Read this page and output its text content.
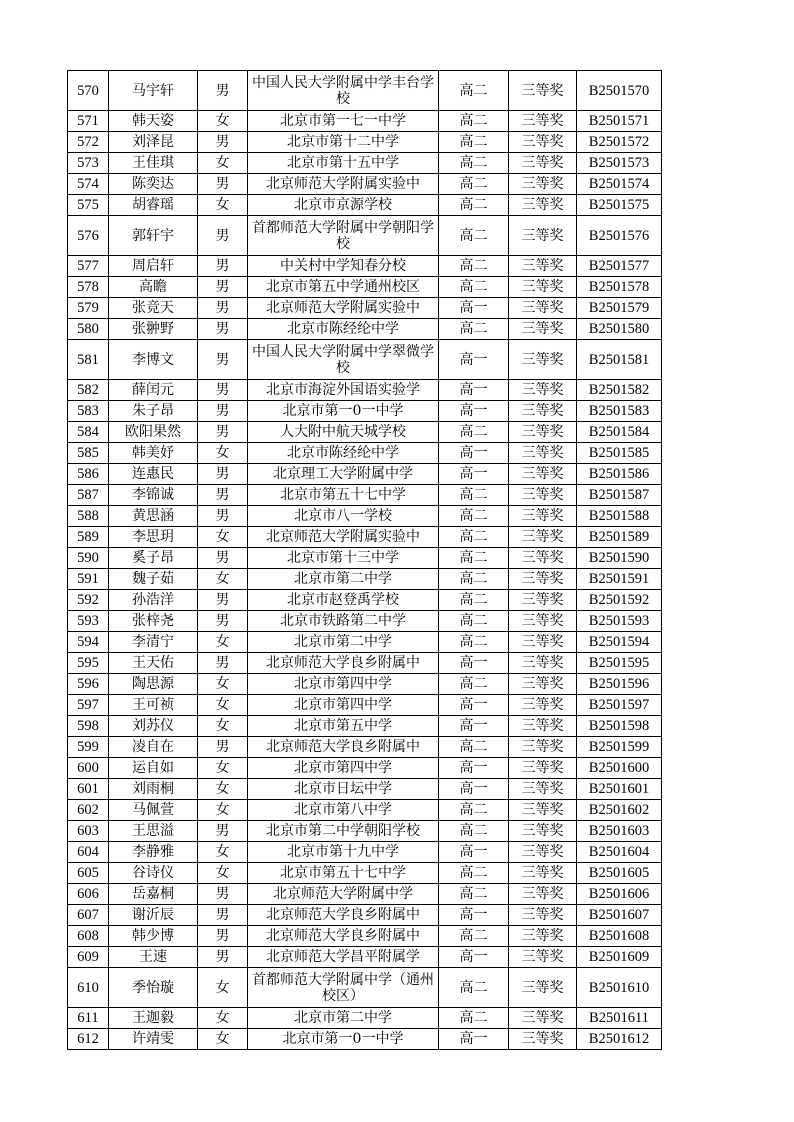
570	马宇轩	男	中国人民大学附属中学丰台学校	高二	三等奖	B2501570
571	韩天姿	女	北京市第一七一中学	高二	三等奖	B2501571
572	刘泽昆	男	北京市第十二中学	高二	三等奖	B2501572
573	王佳琪	女	北京市第十五中学	高二	三等奖	B2501573
574	陈奕达	男	北京师范大学附属实验中	高二	三等奖	B2501574
575	胡睿瑶	女	北京市京源学校	高二	三等奖	B2501575
576	郭轩宇	男	首都师范大学附属中学朝阳学校	高二	三等奖	B2501576
577	周启轩	男	中关村中学知春分校	高二	三等奖	B2501577
578	高瞻	男	北京市第五中学通州校区	高二	三等奖	B2501578
579	张竞天	男	北京师范大学附属实验中	高一	三等奖	B2501579
580	张翀野	男	北京市陈经纶中学	高二	三等奖	B2501580
581	李博文	男	中国人民大学附属中学翠微学校	高一	三等奖	B2501581
582	薛闰元	男	北京市海淀外国语实验学	高一	三等奖	B2501582
583	朱子昂	男	北京市第一0一中学	高一	三等奖	B2501583
584	欧阳果然	男	人大附中航天城学校	高二	三等奖	B2501584
585	韩美妤	女	北京市陈经纶中学	高一	三等奖	B2501585
586	连惠民	男	北京理工大学附属中学	高一	三等奖	B2501586
587	李锦诚	男	北京市第五十七中学	高二	三等奖	B2501587
588	黄思涵	男	北京市八一学校	高二	三等奖	B2501588
589	李思玥	女	北京师范大学附属实验中	高二	三等奖	B2501589
590	奚子昂	男	北京市第十三中学	高二	三等奖	B2501590
591	魏子茹	女	北京市第二中学	高二	三等奖	B2501591
592	孙浩洋	男	北京市赵登禹学校	高二	三等奖	B2501592
593	张梓尧	男	北京市铁路第二中学	高二	三等奖	B2501593
594	李清宁	女	北京市第二中学	高二	三等奖	B2501594
595	王天佑	男	北京师范大学良乡附属中	高一	三等奖	B2501595
596	陶思源	女	北京市第四中学	高二	三等奖	B2501596
597	王可祯	女	北京市第四中学	高一	三等奖	B2501597
598	刘苏仪	女	北京市第五中学	高一	三等奖	B2501598
599	凌自在	男	北京师范大学良乡附属中	高二	三等奖	B2501599
600	运自如	女	北京市第四中学	高一	三等奖	B2501600
601	刘雨桐	女	北京市日坛中学	高一	三等奖	B2501601
602	马佩萱	女	北京市第八中学	高二	三等奖	B2501602
603	王思溢	男	北京市第二中学朝阳学校	高二	三等奖	B2501603
604	李静雅	女	北京市第十九中学	高一	三等奖	B2501604
605	谷诗仪	女	北京市第五十七中学	高二	三等奖	B2501605
606	岳嘉桐	男	北京师范大学附属中学	高二	三等奖	B2501606
607	谢沂辰	男	北京师范大学良乡附属中	高一	三等奖	B2501607
608	韩少博	男	北京师范大学良乡附属中	高二	三等奖	B2501608
609	王速	男	北京师范大学昌平附属学	高一	三等奖	B2501609
610	季怡璇	女	首都师范大学附属中学（通州校区）	高二	三等奖	B2501610
611	王迦毅	女	北京市第二中学	高二	三等奖	B2501611
612	许靖雯	女	北京市第一0一中学	高一	三等奖	B2501612
